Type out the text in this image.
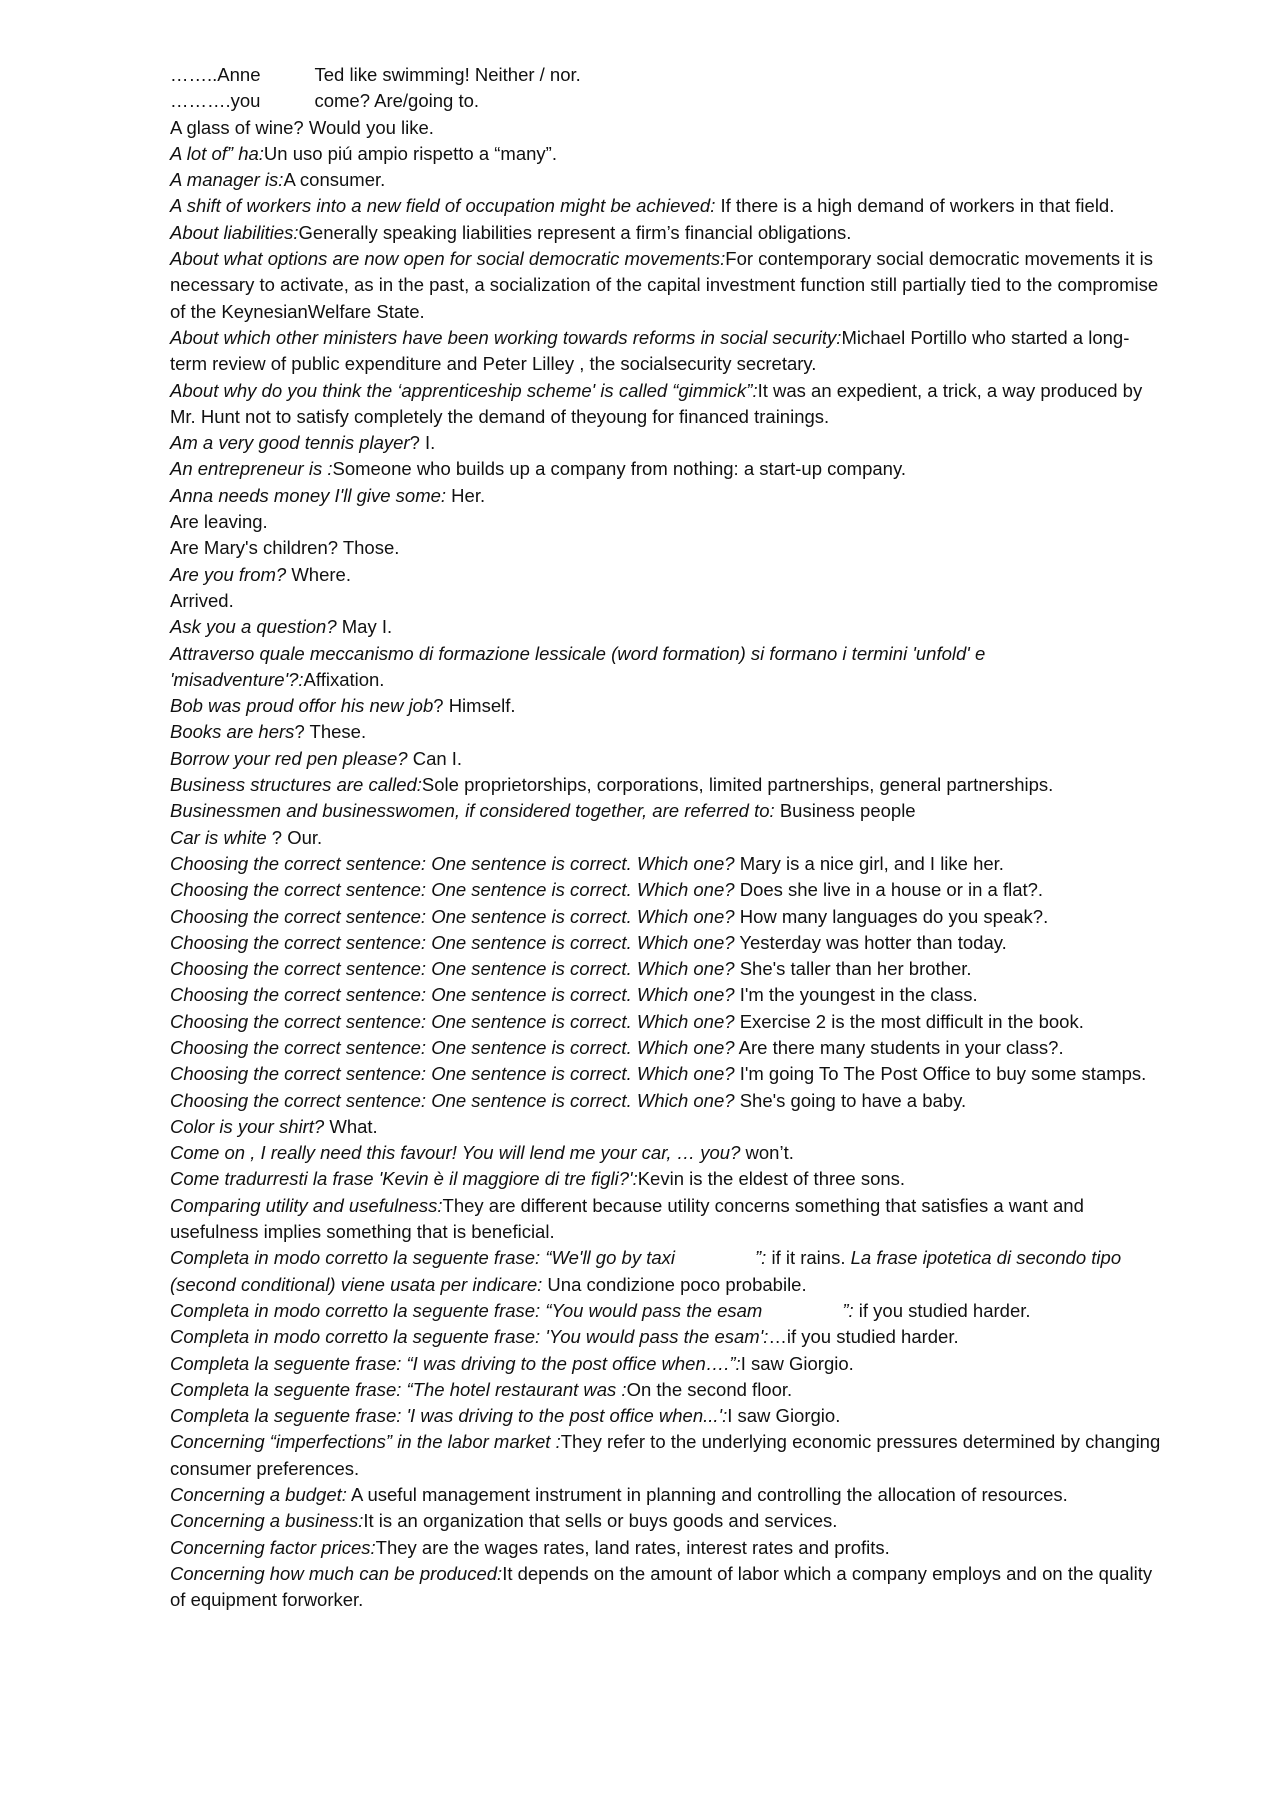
……..Anne	Ted like swimming! Neither / nor.

……….you	come? Are/going to.

A glass of wine? Would you like.

A lot of” ha:Un uso piú ampio rispetto a “many”.

A manager is:A consumer.

A shift of workers into a new field of occupation might be achieved: If there is a high demand of workers in that field.

About liabilities:Generally speaking liabilities represent a firm’s financial obligations.

About what options are now open for social democratic movements:For contemporary social democratic movements it is necessary to activate, as in the past, a socialization of the capital investment function still partially tied to the compromise of the KeynesianWelfare State.

About which other ministers have been working towards reforms in social security:Michael Portillo who started a long- term review of public expenditure and Peter Lilley , the socialsecurity secretary.

About why do you think the ‘apprenticeship scheme' is called “gimmick”:It was an expedient, a trick, a way produced by Mr. Hunt not to satisfy completely the demand of theyoung for financed trainings.

Am a very good tennis player? I.

An entrepreneur is :Someone who builds up a company from nothing: a start-up company.

Anna needs money I'll give some: Her.

Are leaving.

Are Mary's children? Those.

Are you from? Where.

Arrived.

Ask you a question? May I.

Attraverso quale meccanismo di formazione lessicale (word formation) si formano i termini 'unfold' e 'misadventure'?:Affixation.

Bob was proud offor his new job? Himself.

Books are hers? These.

Borrow your red pen please? Can I.

Business structures are called:Sole proprietorships, corporations, limited partnerships, general partnerships.

Businessmen and businesswomen, if considered together, are referred to: Business people

Car is white ? Our.

Choosing the correct sentence: One sentence is correct. Which one? Mary is a nice girl, and I like her.

Choosing the correct sentence: One sentence is correct. Which one? Does she live in a house or in a flat?.

Choosing the correct sentence: One sentence is correct. Which one? How many languages do you speak?.

Choosing the correct sentence: One sentence is correct. Which one? Yesterday was hotter than today.

Choosing the correct sentence: One sentence is correct. Which one? She's taller than her brother.

Choosing the correct sentence: One sentence is correct. Which one? I'm the youngest in the class.

Choosing the correct sentence: One sentence is correct. Which one? Exercise 2 is the most difficult in the book.

Choosing the correct sentence: One sentence is correct. Which one? Are there many students in your class?.

Choosing the correct sentence: One sentence is correct. Which one? I'm going To The Post Office to buy some stamps.

Choosing the correct sentence: One sentence is correct. Which one? She's going to have a baby.

Color is your shirt? What.

Come on , I really need this favour! You will lend me your car, … you? won’t.

Come tradurresti la frase 'Kevin è il maggiore di tre figli?':Kevin is the eldest of three sons.

Comparing utility and usefulness:They are different because utility concerns something that satisfies a want and usefulness implies something that is beneficial.

Completa in modo corretto la seguente frase: “We'll go by taxi	”: if it rains. La frase ipotetica di secondo tipo (second conditional) viene usata per indicare: Una condizione poco probabile.

Completa in modo corretto la seguente frase: “You would pass the esam	”: if you studied harder.

Completa in modo corretto la seguente frase: 'You would pass the esam':…if you studied harder.

Completa la seguente frase: “I was driving to the post office when….”:I saw Giorgio.

Completa la seguente frase: “The hotel restaurant was :On the second floor.

Completa la seguente frase: 'I was driving to the post office when...':I saw Giorgio.

Concerning “imperfections” in the labor market :They refer to the underlying economic pressures determined by changing consumer preferences.

Concerning a budget: A useful management instrument in planning and controlling the allocation of resources.

Concerning a business:It is an organization that sells or buys goods and services.

Concerning factor prices:They are the wages rates, land rates, interest rates and profits.

Concerning how much can be produced:It depends on the amount of labor which a company employs and on the quality of equipment forworker.
